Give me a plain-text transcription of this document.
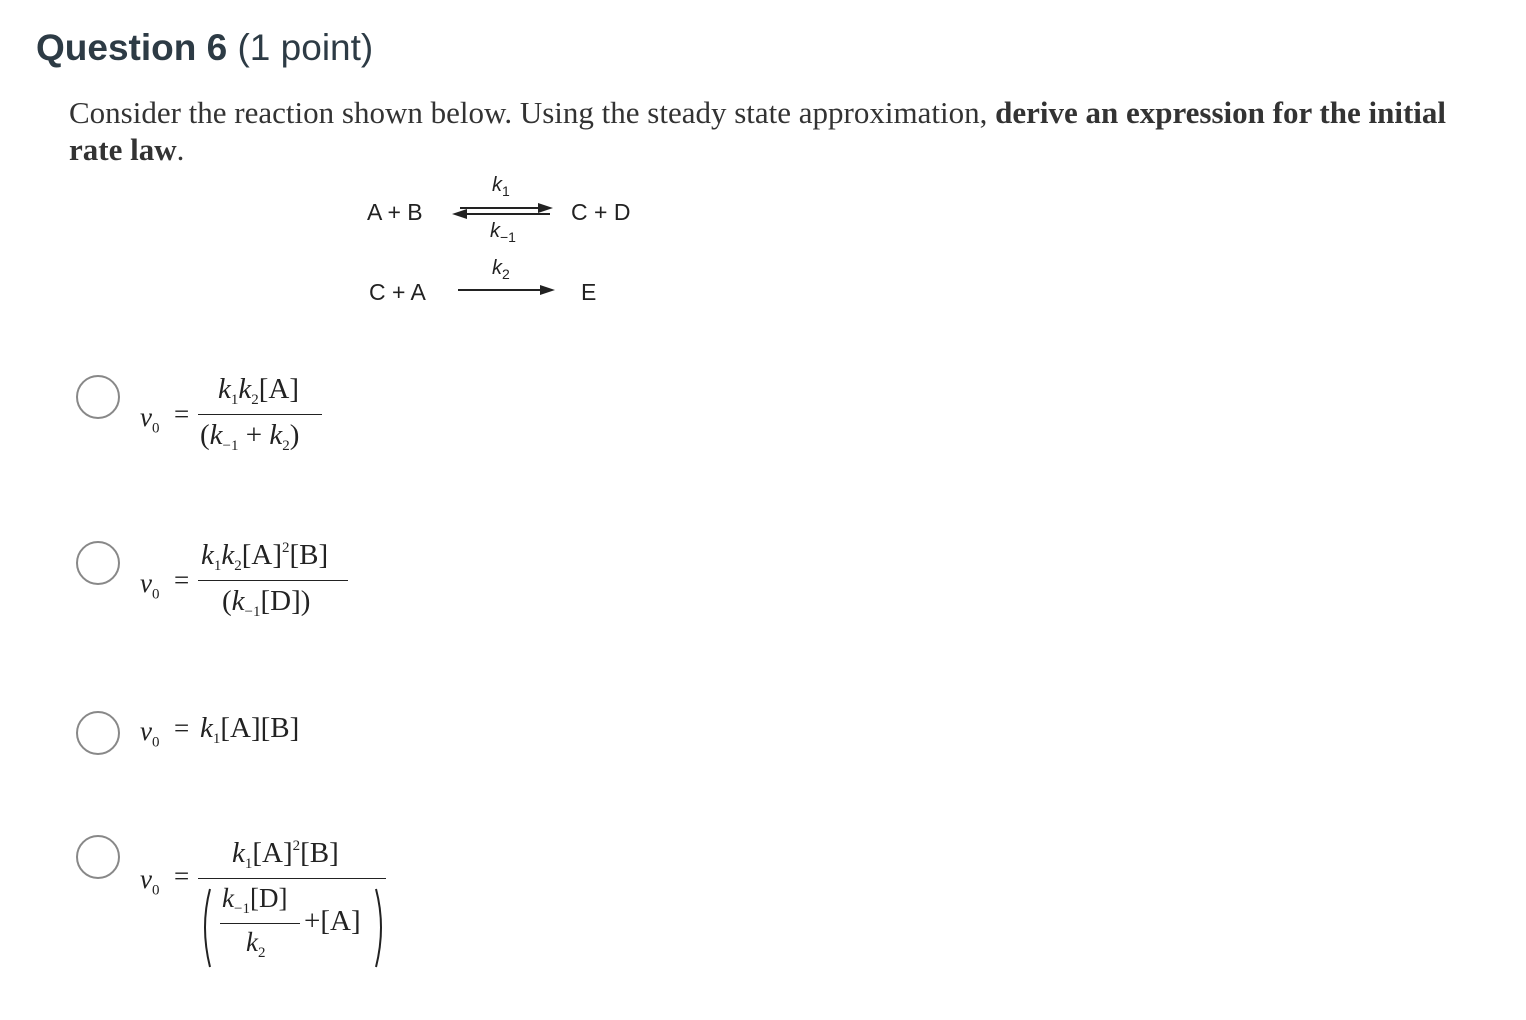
Question 6 (1 point)
Consider the reaction shown below. Using the steady state approximation, derive an expression for the initial rate law.
A + B
$k_1$
$k_{-1}$
C + D
C + A
$k_2$
E
$v_0$ =
$k_1k_2[A]$
$(k_{-1} + k_2)$
$v_0$ =
$k_1k_2[A]^2[B]$
$(k_{-1}[D])$
$v_0 = k_1[A][B]$
$v_0$ =
$k_1[A]^2[B]$
$k_{-1}[D]$
$k_2$
+[A]
